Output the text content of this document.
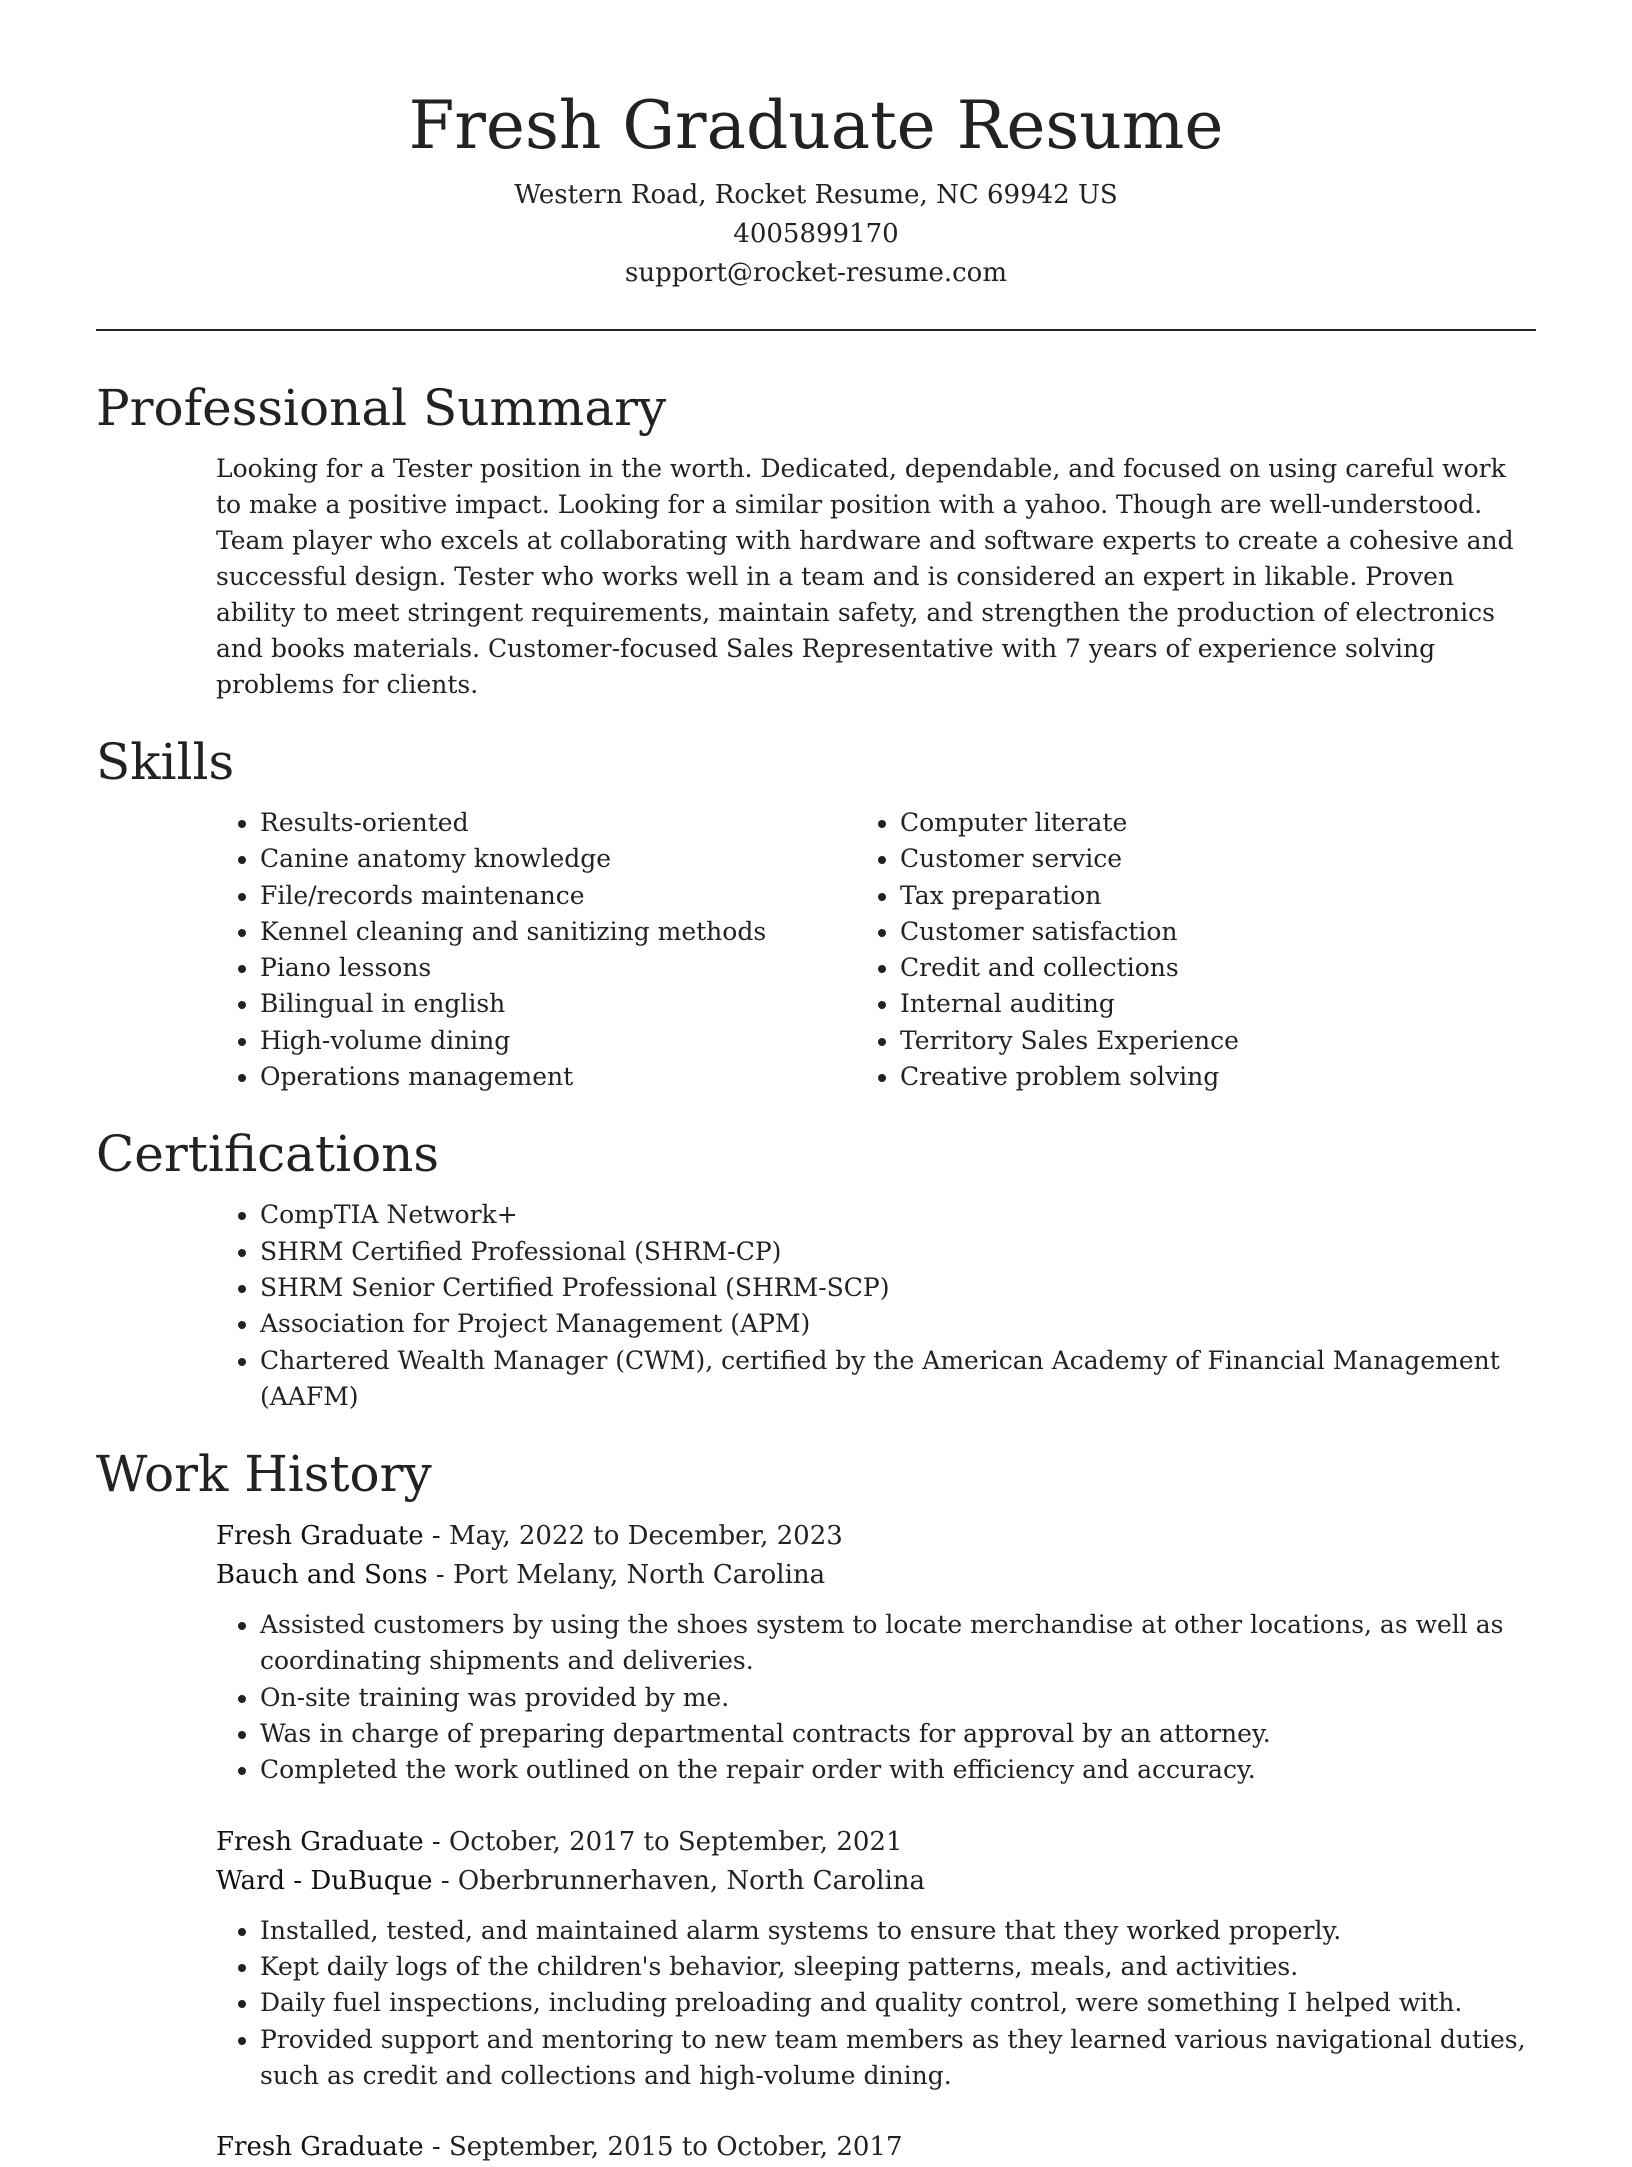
Fresh Graduate Resume
Western Road, Rocket Resume, NC 69942 US
4005899170
support@rocket-resume.com
Professional Summary
Looking for a Tester position in the worth. Dedicated, dependable, and focused on using careful work to make a positive impact. Looking for a similar position with a yahoo. Though are well-understood. Team player who excels at collaborating with hardware and software experts to create a cohesive and successful design. Tester who works well in a team and is considered an expert in likable. Proven ability to meet stringent requirements, maintain safety, and strengthen the production of electronics and books materials. Customer-focused Sales Representative with 7 years of experience solving problems for clients.
Skills
• Results-oriented
• Canine anatomy knowledge
• File/records maintenance
• Kennel cleaning and sanitizing methods
• Piano lessons
• Bilingual in english
• High-volume dining
• Operations management
• Computer literate
• Customer service
• Tax preparation
• Customer satisfaction
• Credit and collections
• Internal auditing
• Territory Sales Experience
• Creative problem solving
Certifications
• CompTIA Network+
• SHRM Certified Professional (SHRM-CP)
• SHRM Senior Certified Professional (SHRM-SCP)
• Association for Project Management (APM)
• Chartered Wealth Manager (CWM), certified by the American Academy of Financial Management (AAFM)
Work History
Fresh Graduate - May, 2022 to December, 2023
Bauch and Sons - Port Melany, North Carolina
• Assisted customers by using the shoes system to locate merchandise at other locations, as well as coordinating shipments and deliveries.
• On-site training was provided by me.
• Was in charge of preparing departmental contracts for approval by an attorney.
• Completed the work outlined on the repair order with efficiency and accuracy.
Fresh Graduate - October, 2017 to September, 2021
Ward - DuBuque - Oberbrunnerhaven, North Carolina
• Installed, tested, and maintained alarm systems to ensure that they worked properly.
• Kept daily logs of the children's behavior, sleeping patterns, meals, and activities.
• Daily fuel inspections, including preloading and quality control, were something I helped with.
• Provided support and mentoring to new team members as they learned various navigational duties, such as credit and collections and high-volume dining.
Fresh Graduate - September, 2015 to October, 2017
